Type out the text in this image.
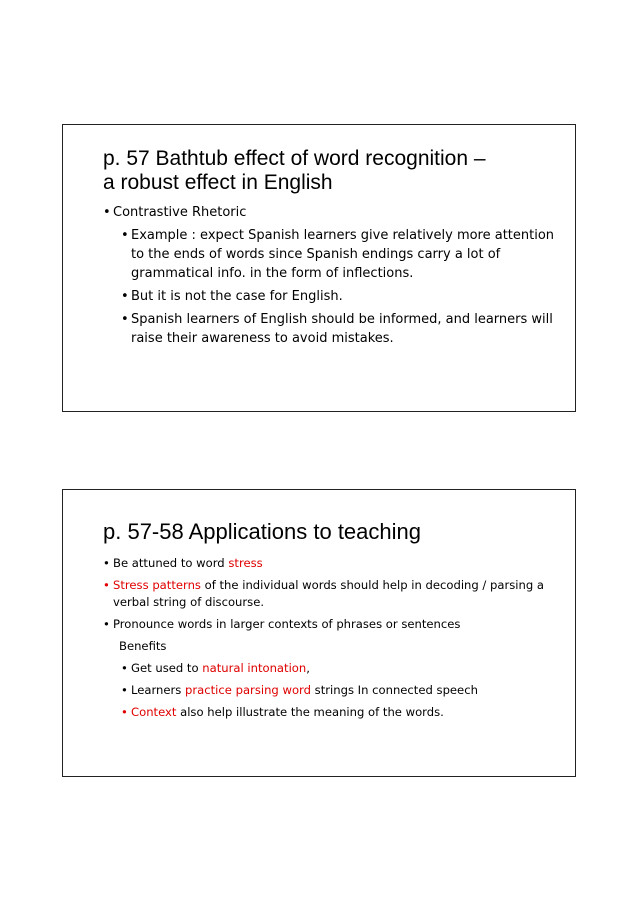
p. 57 Bathtub effect of word recognition –
a robust effect in English
• Contrastive Rhetoric
• Example : expect Spanish learners give relatively more attention to the ends of words since Spanish endings carry a lot of grammatical info. in the form of inflections.
• But it is not the case for English.
• Spanish learners of English should be informed, and learners will raise their awareness to avoid mistakes.
p. 57-58 Applications to teaching
• Be attuned to word stress
• Stress patterns of the individual words should help in decoding / parsing a verbal string of discourse.
• Pronounce words in larger contexts of phrases or sentences
Benefits
• Get used to natural intonation,
• Learners practice parsing word strings In connected speech
• Context also help illustrate the meaning of the words.
